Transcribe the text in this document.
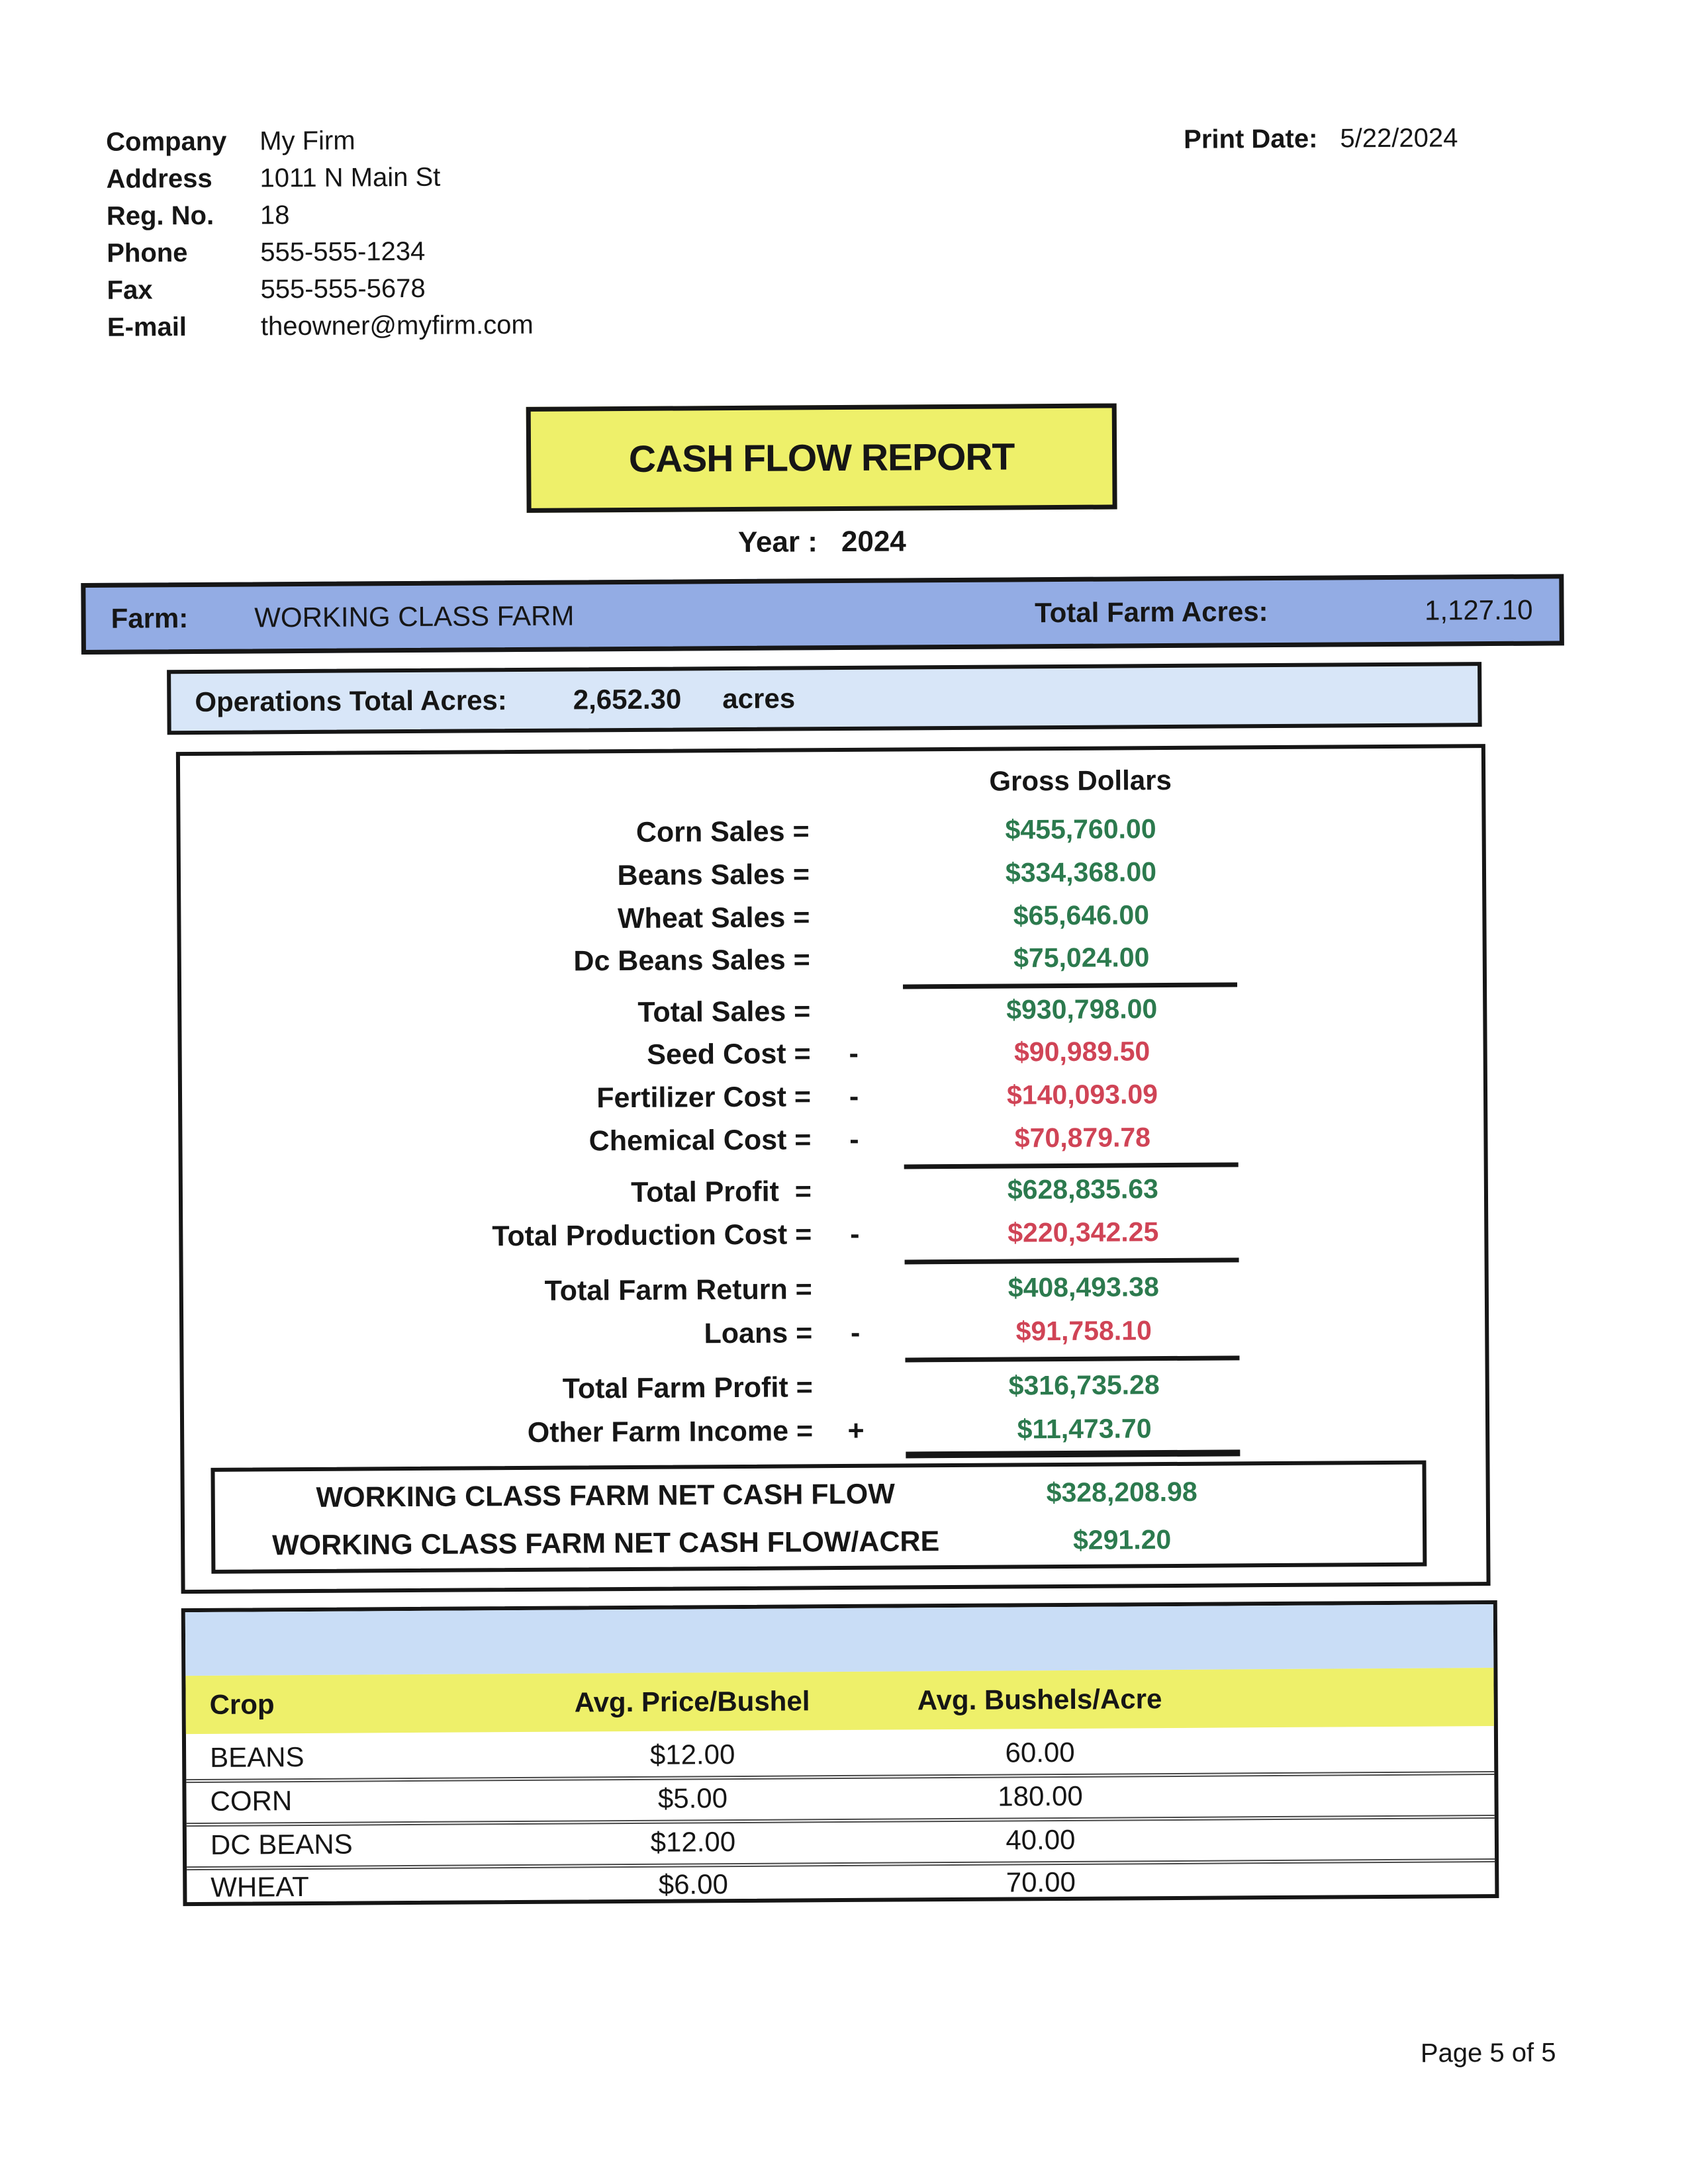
Company	My Firm
Address	1011 N Main St
Reg. No.	18
Phone	555-555-1234
Fax	555-555-5678
E-mail	theowner@myfirm.com
Print Date: 5/22/2024
CASH FLOW REPORT
Year : 2024
Farm: WORKING CLASS FARM	Total Farm Acres:	1,127.10
Operations Total Acres: 2,652.30 acres
Gross Dollars
Corn Sales =	$455,760.00
Beans Sales =	$334,368.00
Wheat Sales =	$65,646.00
Dc Beans Sales =	$75,024.00
Total Sales =	$930,798.00
Seed Cost =	-	$90,989.50
Fertilizer Cost =	-	$140,093.09
Chemical Cost =	-	$70,879.78
Total Profit  =	$628,835.63
Total Production Cost =	-	$220,342.25
Total Farm Return =	$408,493.38
Loans =	-	$91,758.10
Total Farm Profit =	$316,735.28
Other Farm Income =	+	$11,473.70
WORKING CLASS FARM NET CASH FLOW	$328,208.98
WORKING CLASS FARM NET CASH FLOW/ACRE	$291.20
Crop	Avg. Price/Bushel	Avg. Bushels/Acre
BEANS	$12.00	60.00
CORN	$5.00	180.00
DC BEANS	$12.00	40.00
WHEAT	$6.00	70.00
Page 5 of 5
